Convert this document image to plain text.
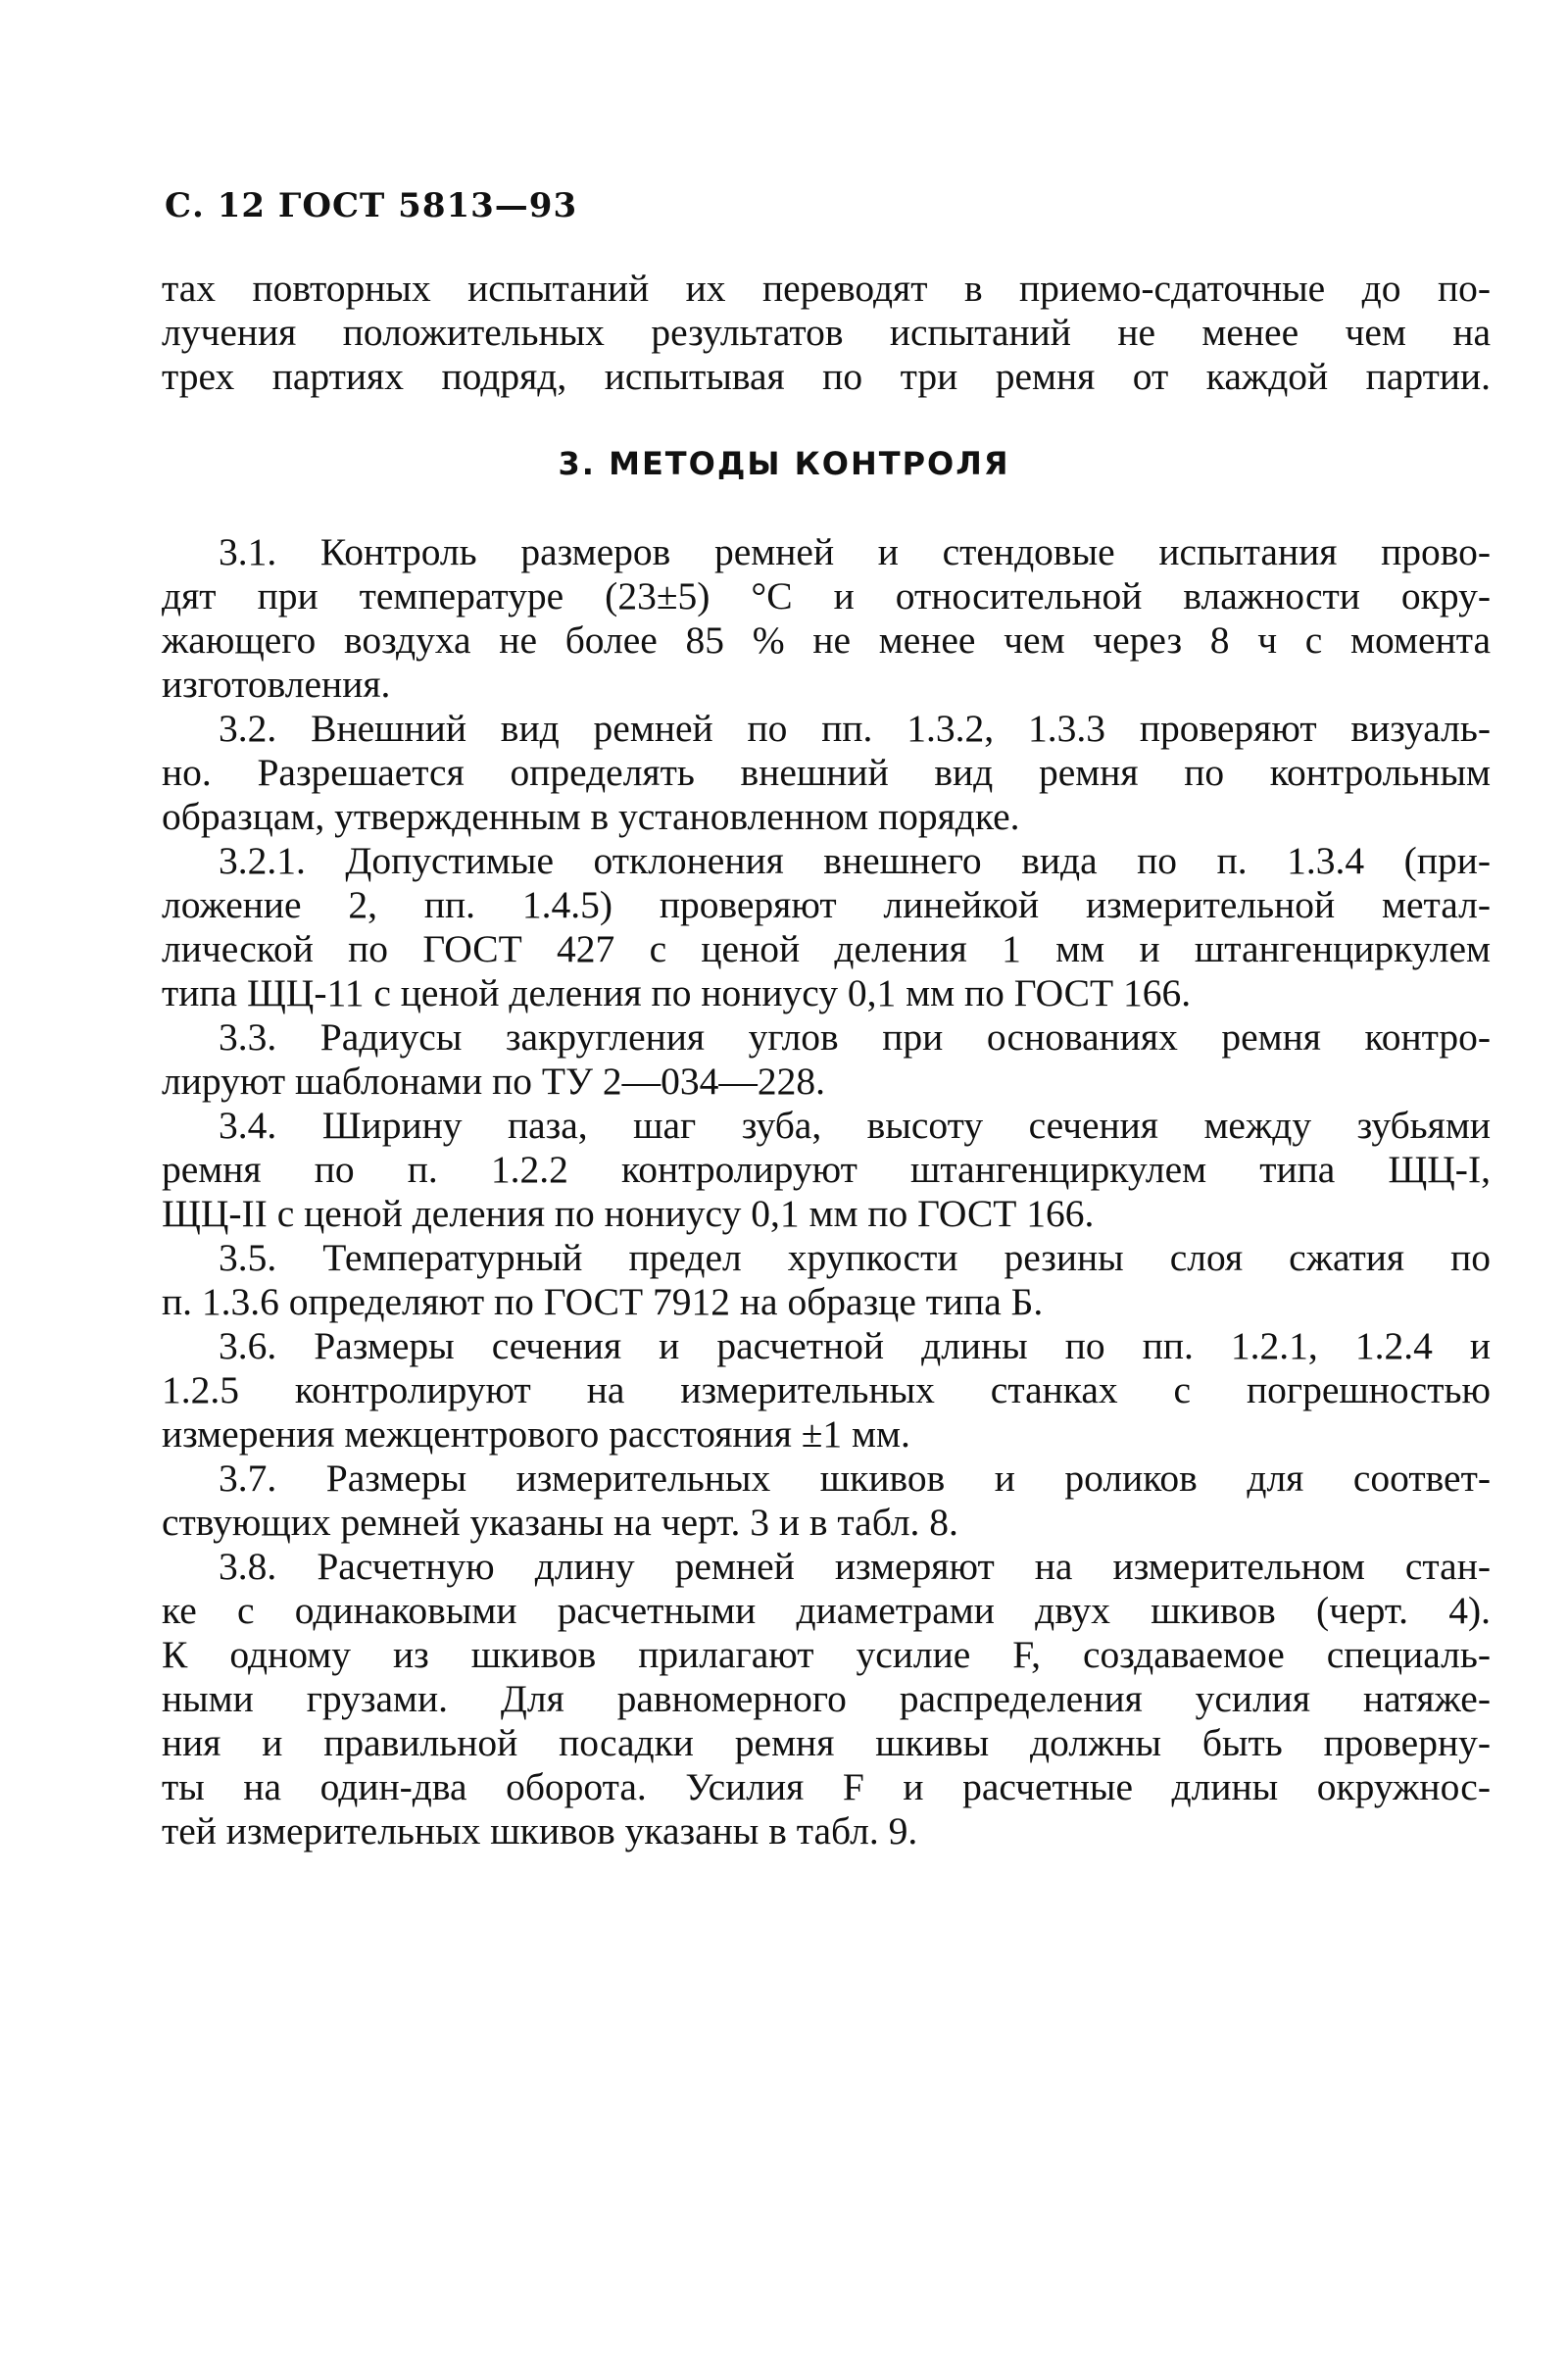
С. 12 ГОСТ 5813—93
тах повторных испытаний их переводят в приемо-сдаточные до по-
лучения положительных результатов испытаний не менее чем на
трех партиях подряд, испытывая по три ремня от каждой партии.
3. МЕТОДЫ КОНТРОЛЯ
3.1. Контроль размеров ремней и стендовые испытания прово-
дят при температуре (23±5) °С и относительной влажности окру-
жающего воздуха не более 85 % не менее чем через 8 ч с момента
изготовления.
3.2. Внешний вид ремней по пп. 1.3.2, 1.3.3 проверяют визуаль-
но. Разрешается определять внешний вид ремня по контрольным
образцам, утвержденным в установленном порядке.
3.2.1. Допустимые отклонения внешнего вида по п. 1.3.4 (при-
ложение 2, пп. 1.4.5) проверяют линейкой измерительной метал-
лической по ГОСТ 427 с ценой деления 1 мм и штангенциркулем
типа ЩЦ-11 с ценой деления по нониусу 0,1 мм по ГОСТ 166.
3.3. Радиусы закругления углов при основаниях ремня контро-
лируют шаблонами по ТУ 2—034—228.
3.4. Ширину паза, шаг зуба, высоту сечения между зубьями
ремня по п. 1.2.2 контролируют штангенциркулем типа ЩЦ-I,
ЩЦ-II с ценой деления по нониусу 0,1 мм по ГОСТ 166.
3.5. Температурный предел хрупкости резины слоя сжатия по
п. 1.3.6 определяют по ГОСТ 7912 на образце типа Б.
3.6. Размеры сечения и расчетной длины по пп. 1.2.1, 1.2.4 и
1.2.5 контролируют на измерительных станках с погрешностью
измерения межцентрового расстояния ±1 мм.
3.7. Размеры измерительных шкивов и роликов для соответ-
ствующих ремней указаны на черт. 3 и в табл. 8.
3.8. Расчетную длину ремней измеряют на измерительном стан-
ке с одинаковыми расчетными диаметрами двух шкивов (черт. 4).
К одному из шкивов прилагают усилие F, создаваемое специаль-
ными грузами. Для равномерного распределения усилия натяже-
ния и правильной посадки ремня шкивы должны быть проверну-
ты на один-два оборота. Усилия F и расчетные длины окружнос-
тей измерительных шкивов указаны в табл. 9.
